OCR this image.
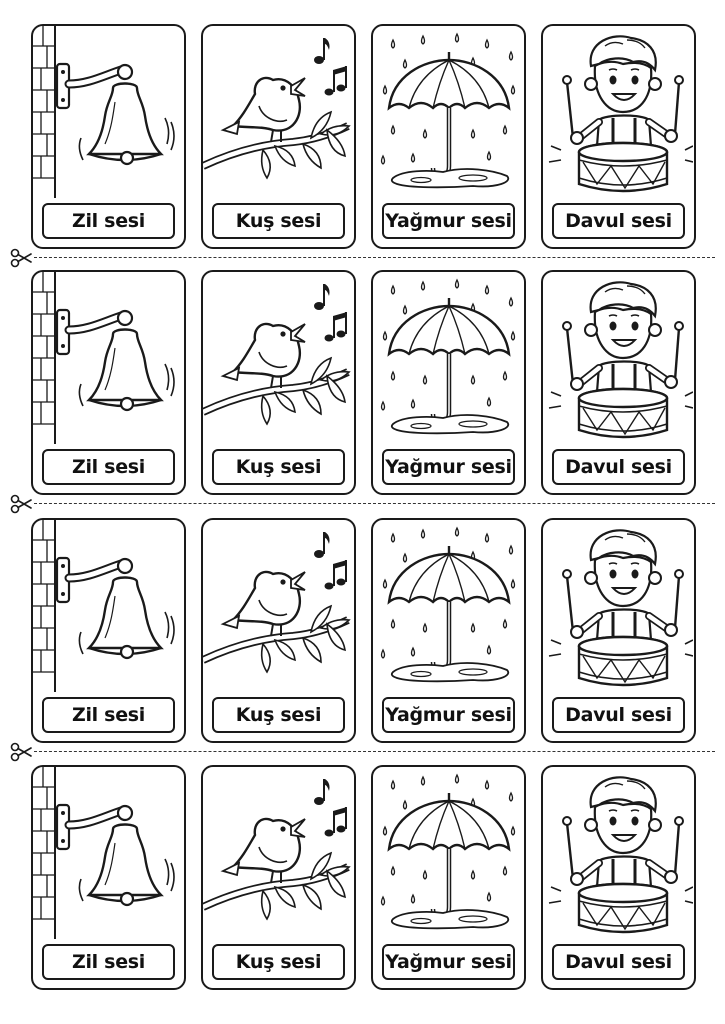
Zil sesi	Kuş sesi	Yağmur sesi	Davul sesi
Zil sesi	Kuş sesi	Yağmur sesi	Davul sesi
Zil sesi	Kuş sesi	Yağmur sesi	Davul sesi
Zil sesi	Kuş sesi	Yağmur sesi	Davul sesi
